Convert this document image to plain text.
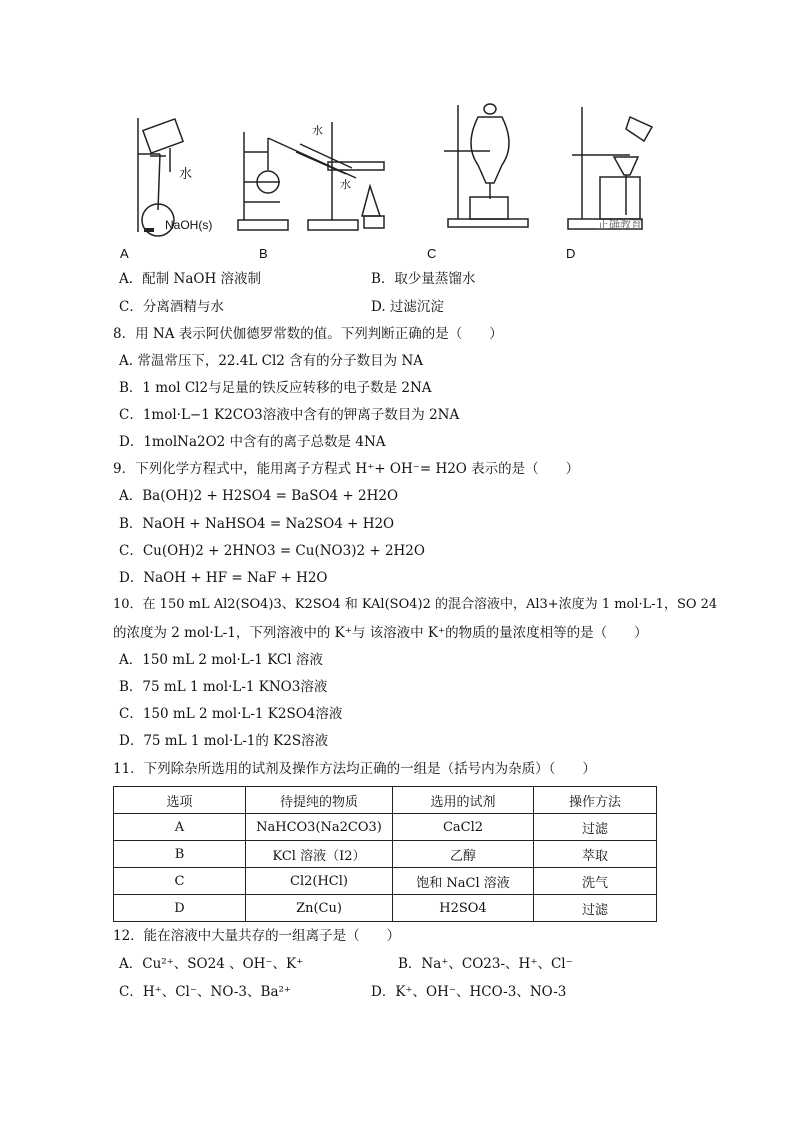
水
NaOH(s)
水
水
正确教育
A	B	C	D
A．配制 NaOH 溶液制	B．取少量蒸馏水
C．分离酒精与水	D. 过滤沉淀
8．用 NA 表示阿伏伽德罗常数的值。下列判断正确的是（　　）
A. 常温常压下，22.4L Cl2 含有的分子数目为 NA
B．1 mol Cl2与足量的铁反应转移的电子数是 2NA
C．1mol·L−1 K2CO3溶液中含有的钾离子数目为 2NA
D．1molNa2O2 中含有的离子总数是 4NA
9．下列化学方程式中，能用离子方程式 H⁺+ OH⁻= H2O 表示的是（　　）
A．Ba(OH)2 + H2SO4 = BaSO4 + 2H2O
B．NaOH + NaHSO4 = Na2SO4 + H2O
C．Cu(OH)2 + 2HNO3 = Cu(NO3)2 + 2H2O
D．NaOH + HF = NaF + H2O
10．在 150 mL Al2(SO4)3、K2SO4 和 KAl(SO4)2 的混合溶液中，Al3+浓度为 1 mol·L-1，SO 24
的浓度为 2 mol·L-1，下列溶液中的 K⁺与 该溶液中 K⁺的物质的量浓度相等的是（　　）
A．150 mL 2 mol·L-1 KCl 溶液
B．75 mL 1 mol·L-1 KNO3溶液
C．150 mL 2 mol·L-1 K2SO4溶液
D．75 mL 1 mol·L-1的 K2S溶液
11．下列除杂所选用的试剂及操作方法均正确的一组是（括号内为杂质）（　　）
选项	待提纯的物质	选用的试剂	操作方法
A	NaHCO3(Na2CO3)	CaCl2	过滤
B	KCl 溶液（I2）	乙醇	萃取
C	Cl2(HCl)	饱和 NaCl 溶液	洗气
D	Zn(Cu)	H2SO4	过滤
12．能在溶液中大量共存的一组离子是（　　）
A．Cu²⁺、SO24 、OH⁻、K⁺	B．Na⁺、CO23-、H⁺、Cl⁻
C．H⁺、Cl⁻、NO-3、Ba²⁺	D．K⁺、OH⁻、HCO-3、NO-3
